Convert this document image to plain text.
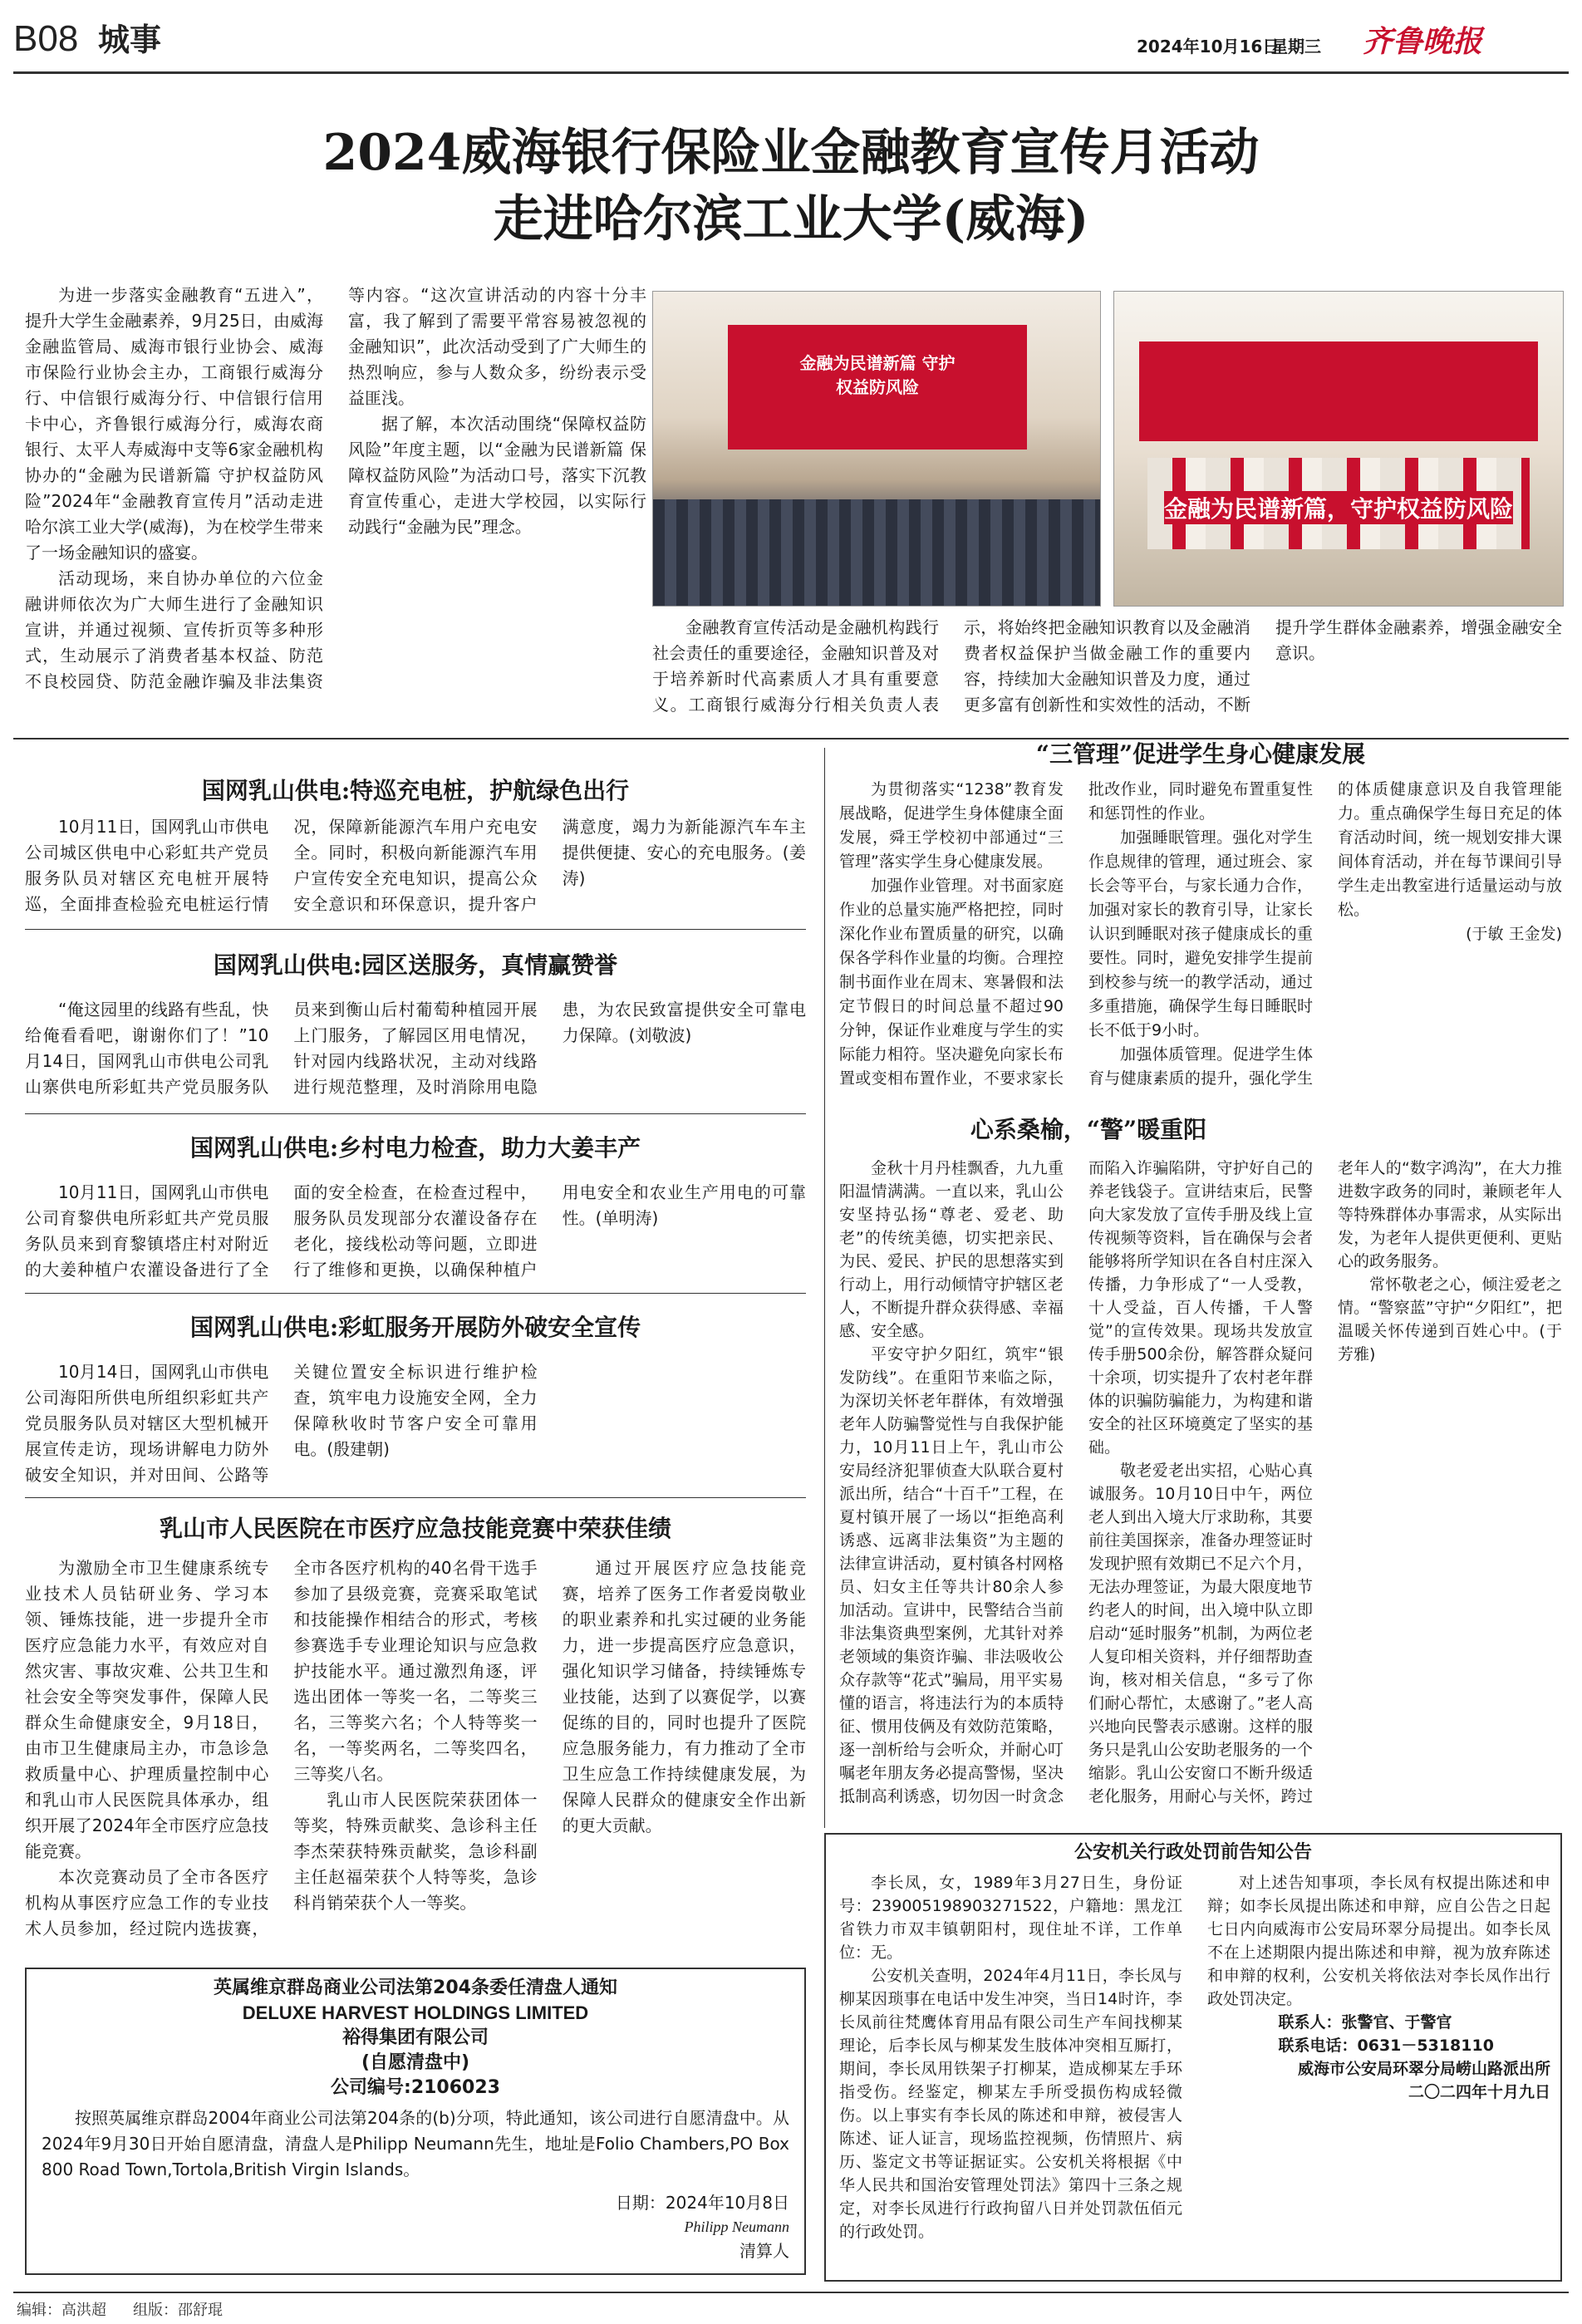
B08 城事	2024年10月16日
星期三 齐鲁晚报
2024威海银行保险业金融教育宣传月活动
走进哈尔滨工业大学(威海)

为进一步落实金融教育“五进入”，提升大学生金融素养，9月25日，由威海金融监管局、威海市银行业协会、威海市保险行业协会主办，工商银行威海分行、中信银行威海分行、中信银行信用卡中心，齐鲁银行威海分行，威海农商银行、太平人寿威海中支等6家金融机构协办的“金融为民谱新篇 守护权益防风险”2024年“金融教育宣传月”活动走进哈尔滨工业大学(威海)，为在校学生带来了一场金融知识的盛宴。

活动现场，来自协办单位的六位金融讲师依次为广大师生进行了金融知识宣讲，并通过视频、宣传折页等多种形式，生动展示了消费者基本权益、防范不良校园贷、防范金融诈骗及非法集资等内容。“这次宣讲活动的内容十分丰富，我了解到了需要平常容易被忽视的金融知识”，此次活动受到了广大师生的热烈响应，参与人数众多，纷纷表示受益匪浅。

据了解，本次活动围绕“保障权益防风险”年度主题，以“金融为民谱新篇 保障权益防风险”为活动口号，落实下沉教育宣传重心，走进大学校园，以实际行动践行“金融为民”理念。

金融为民谱新篇 守护权益防风险
金融为民谱新篇，守护权益防风险

金融教育宣传活动是金融机构践行社会责任的重要途径，金融知识普及对于培养新时代高素质人才具有重要意义。工商银行威海分行相关负责人表示，将始终把金融知识教育以及金融消费者权益保护当做金融工作的重要内容，持续加大金融知识普及力度，通过更多富有创新性和实效性的活动，不断提升学生群体金融素养，增强金融安全意识。

国网乳山供电:特巡充电桩，护航绿色出行

10月11日，国网乳山市供电公司城区供电中心彩虹共产党员服务队员对辖区充电桩开展特巡，全面排查检验充电桩运行情况，保障新能源汽车用户充电安全。同时，积极向新能源汽车用户宣传安全充电知识，提高公众安全意识和环保意识，提升客户满意度，竭力为新能源汽车车主提供便捷、安心的充电服务。(姜涛)

国网乳山供电:园区送服务，真情赢赞誉

“俺这园里的线路有些乱，快给俺看看吧，谢谢你们了！”10月14日，国网乳山市供电公司乳山寨供电所彩虹共产党员服务队员来到衡山后村葡萄种植园开展上门服务，了解园区用电情况，针对园内线路状况，主动对线路进行规范整理，及时消除用电隐患，为农民致富提供安全可靠电力保障。(刘敬波)

国网乳山供电:乡村电力检查，助力大姜丰产

10月11日，国网乳山市供电公司育黎供电所彩虹共产党员服务队员来到育黎镇塔庄村对附近的大姜种植户农灌设备进行了全面的安全检查，在检查过程中，服务队员发现部分农灌设备存在老化，接线松动等问题，立即进行了维修和更换，以确保种植户用电安全和农业生产用电的可靠性。(单明涛)

国网乳山供电:彩虹服务开展防外破安全宣传

10月14日，国网乳山市供电公司海阳所供电所组织彩虹共产党员服务队员对辖区大型机械开展宣传走访，现场讲解电力防外破安全知识，并对田间、公路等关键位置安全标识进行维护检查，筑牢电力设施安全网，全力保障秋收时节客户安全可靠用电。(殷建朝)

乳山市人民医院在市医疗应急技能竞赛中荣获佳绩

为激励全市卫生健康系统专业技术人员钻研业务、学习本领、锤炼技能，进一步提升全市医疗应急能力水平，有效应对自然灾害、事故灾难、公共卫生和社会安全等突发事件，保障人民群众生命健康安全，9月18日，由市卫生健康局主办，市急诊急救质量中心、护理质量控制中心和乳山市人民医院具体承办，组织开展了2024年全市医疗应急技能竞赛。

本次竞赛动员了全市各医疗机构从事医疗应急工作的专业技术人员参加，经过院内选拔赛，全市各医疗机构的40名骨干选手参加了县级竞赛，竞赛采取笔试和技能操作相结合的形式，考核参赛选手专业理论知识与应急救护技能水平。通过激烈角逐，评选出团体一等奖一名，二等奖三名，三等奖六名；个人特等奖一名，一等奖两名，二等奖四名，三等奖八名。

乳山市人民医院荣获团体一等奖，特殊贡献奖、急诊科主任李杰荣获特殊贡献奖，急诊科副主任赵福荣获个人特等奖，急诊科肖销荣获个人一等奖。

通过开展医疗应急技能竞赛，培养了医务工作者爱岗敬业的职业素养和扎实过硬的业务能力，进一步提高医疗应急意识，强化知识学习储备，持续锤炼专业技能，达到了以赛促学，以赛促练的目的，同时也提升了医院应急服务能力，有力推动了全市卫生应急工作持续健康发展，为保障人民群众的健康安全作出新的更大贡献。

英属维京群岛商业公司法第204条委任清盘人通知
DELUXE HARVEST HOLDINGS LIMITED
裕得集团有限公司
(自愿清盘中)
公司编号:2106023

按照英属维京群岛2004年商业公司法第204条的(b)分项，特此通知，该公司进行自愿清盘中。从2024年9月30日开始自愿清盘，清盘人是Philipp Neumann先生，地址是Folio Chambers,PO Box 800 Road Town,Tortola,British Virgin Islands。

日期：2024年10月8日
Philipp Neumann
清算人
“三管理”促进学生身心健康发展

为贯彻落实“1238”教育发展战略，促进学生身体健康全面发展，舜王学校初中部通过“三管理”落实学生身心健康发展。

加强作业管理。对书面家庭作业的总量实施严格把控，同时深化作业布置质量的研究，以确保各学科作业量的均衡。合理控制书面作业在周末、寒暑假和法定节假日的时间总量不超过90分钟，保证作业难度与学生的实际能力相符。坚决避免向家长布置或变相布置作业，不要求家长批改作业，同时避免布置重复性和惩罚性的作业。

加强睡眠管理。强化对学生作息规律的管理，通过班会、家长会等平台，与家长通力合作，加强对家长的教育引导，让家长认识到睡眠对孩子健康成长的重要性。同时，避免安排学生提前到校参与统一的教学活动，通过多重措施，确保学生每日睡眠时长不低于9小时。

加强体质管理。促进学生体育与健康素质的提升，强化学生的体质健康意识及自我管理能力。重点确保学生每日充足的体育活动时间，统一规划安排大课间体育活动，并在每节课间引导学生走出教室进行适量运动与放松。

(于敏 王金发)

心系桑榆，“警”暖重阳

金秋十月丹桂飘香，九九重阳温情满满。一直以来，乳山公安坚持弘扬“尊老、爱老、助老”的传统美德，切实把亲民、为民、爱民、护民的思想落实到行动上，用行动倾情守护辖区老人，不断提升群众获得感、幸福感、安全感。

平安守护夕阳红，筑牢“银发防线”。在重阳节来临之际，为深切关怀老年群体，有效增强老年人防骗警觉性与自我保护能力，10月11日上午，乳山市公安局经济犯罪侦查大队联合夏村派出所，结合“十百千”工程，在夏村镇开展了一场以“拒绝高利诱惑、远离非法集资”为主题的法律宣讲活动，夏村镇各村网格员、妇女主任等共计80余人参加活动。宣讲中，民警结合当前非法集资典型案例，尤其针对养老领域的集资诈骗、非法吸收公众存款等“花式”骗局，用平实易懂的语言，将违法行为的本质特征、惯用伎俩及有效防范策略，逐一剖析给与会听众，并耐心叮嘱老年朋友务必提高警惕，坚决抵制高利诱惑，切勿因一时贪念而陷入诈骗陷阱，守护好自己的养老钱袋子。宣讲结束后，民警向大家发放了宣传手册及线上宣传视频等资料，旨在确保与会者能够将所学知识在各自村庄深入传播，力争形成了“一人受教，十人受益，百人传播，千人警觉”的宣传效果。现场共发放宣传手册500余份，解答群众疑问十余项，切实提升了农村老年群体的识骗防骗能力，为构建和谐安全的社区环境奠定了坚实的基础。

敬老爱老出实招，心贴心真诚服务。10月10日中午，两位老人到出入境大厅求助称，其要前往美国探亲，准备办理签证时发现护照有效期已不足六个月，无法办理签证，为最大限度地节约老人的时间，出入境中队立即启动“延时服务”机制，为两位老人复印相关资料，并仔细帮助查询，核对相关信息，“多亏了你们耐心帮忙，太感谢了。”老人高兴地向民警表示感谢。这样的服务只是乳山公安助老服务的一个缩影。乳山公安窗口不断升级适老化服务，用耐心与关怀，跨过老年人的“数字鸿沟”，在大力推进数字政务的同时，兼顾老年人等特殊群体办事需求，从实际出发，为老年人提供更便利、更贴心的政务服务。

常怀敬老之心，倾注爱老之情。“警察蓝”守护“夕阳红”，把温暖关怀传递到百姓心中。(于芳雅)

公安机关行政处罚前告知公告

李长凤，女，1989年3月27日生，身份证号：239005198903271522，户籍地：黑龙江省铁力市双丰镇朝阳村，现住址不详，工作单位：无。

公安机关查明，2024年4月11日，李长凤与柳某因琐事在电话中发生冲突，当日14时许，李长凤前往梵鹰体育用品有限公司生产车间找柳某理论，后李长凤与柳某发生肢体冲突相互厮打，期间，李长凤用铁架子打柳某，造成柳某左手环指受伤。经鉴定，柳某左手所受损伤构成轻微伤。以上事实有李长凤的陈述和申辩，被侵害人陈述、证人证言，现场监控视频，伤情照片、病历、鉴定文书等证据证实。公安机关将根据《中华人民共和国治安管理处罚法》第四十三条之规定，对李长凤进行行政拘留八日并处罚款伍佰元的行政处罚。

对上述告知事项，李长凤有权提出陈述和申辩；如李长凤提出陈述和申辩，应自公告之日起七日内向威海市公安局环翠分局提出。如李长凤不在上述期限内提出陈述和申辩，视为放弃陈述和申辩的权利，公安机关将依法对李长凤作出行政处罚决定。

联系人：张警官、于警官

联系电话：0631－5318110

威海市公安局环翠分局崂山路派出所

二〇二四年十月九日

编辑：高洪超 组版：邵舒琨
